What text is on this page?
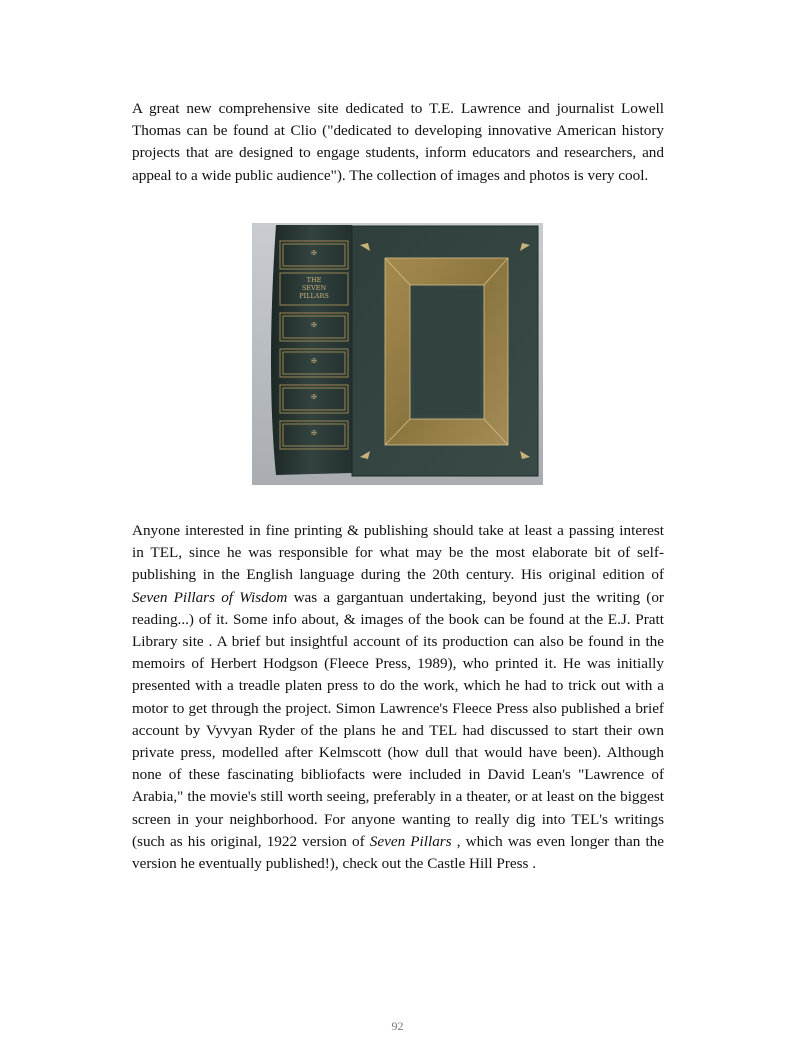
A great new comprehensive site dedicated to T.E. Lawrence and journalist Lowell Thomas can be found at Clio ("dedicated to developing innovative American history projects that are designed to engage students, inform educators and researchers, and appeal to a wide public audience"). The collection of images and photos is very cool.

✠
✠
✠
✠
✠
THE
SEVEN
PILLARS

Anyone interested in fine printing & publishing should take at least a passing interest in TEL, since he was responsible for what may be the most elaborate bit of self-publishing in the English language during the 20th century. His original edition of Seven Pillars of Wisdom was a gargantuan undertaking, beyond just the writing (or reading...) of it. Some info about, & images of the book can be found at the E.J. Pratt Library site . A brief but insightful account of its production can also be found in the memoirs of Herbert Hodgson (Fleece Press, 1989), who printed it. He was initially presented with a treadle platen press to do the work, which he had to trick out with a motor to get through the project. Simon Lawrence's Fleece Press also published a brief account by Vyvyan Ryder of the plans he and TEL had discussed to start their own private press, modelled after Kelmscott (how dull that would have been). Although none of these fascinating bibliofacts were included in David Lean's "Lawrence of Arabia," the movie's still worth seeing, preferably in a theater, or at least on the biggest screen in your neighborhood. For anyone wanting to really dig into TEL's writings (such as his original, 1922 version of Seven Pillars , which was even longer than the version he eventually published!), check out the Castle Hill Press .

92
